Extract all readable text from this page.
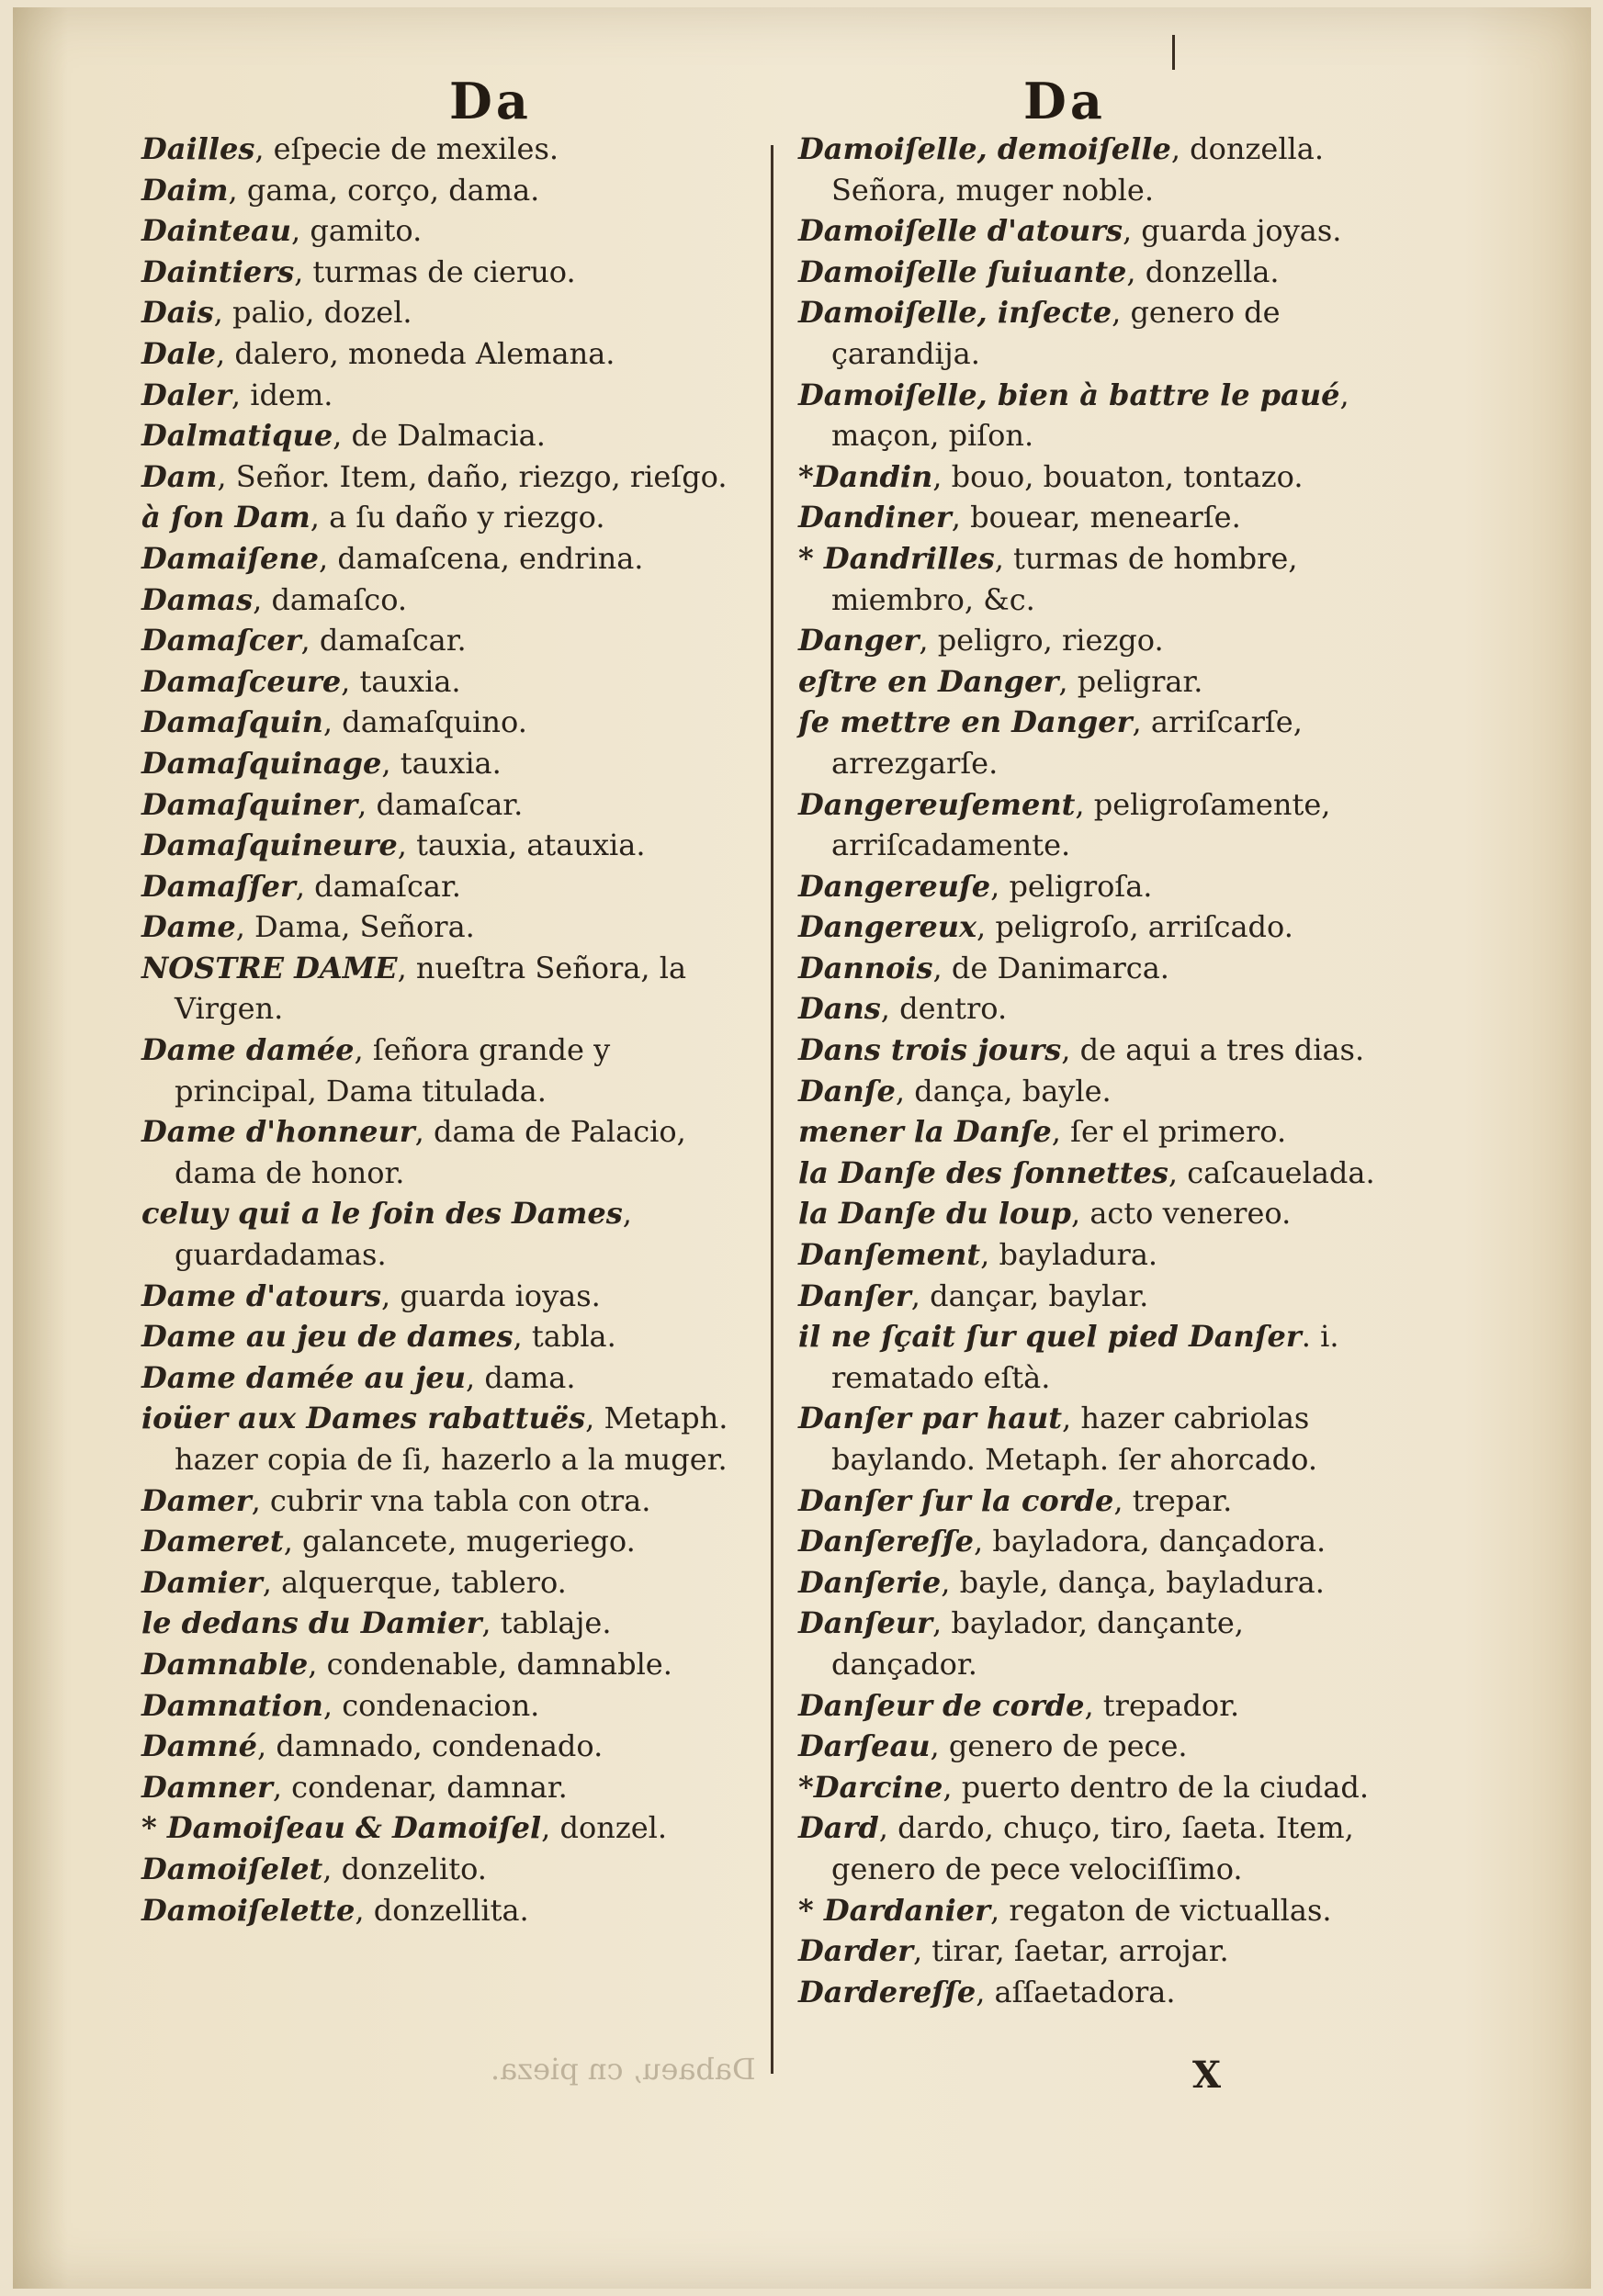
Da	Da

Dailles, eſpecie de mexiles.

Daim, gama, corço, dama.

Dainteau, gamito.

Daintiers, turmas de cieruo.

Dais, palio, dozel.

Dale, dalero, moneda Alemana.

Daler, idem.

Dalmatique, de Dalmacia.

Dam, Señor. Item, daño, riezgo, rieſgo.

à ſon Dam, a ſu daño y riezgo.

Damaiſene, damaſcena, endrina.

Damas, damaſco.

Damaſcer, damaſcar.

Damaſceure, tauxia.

Damaſquin, damaſquino.

Damaſquinage, tauxia.

Damaſquiner, damaſcar.

Damaſquineure, tauxia, atauxia.

Damaſſer, damaſcar.

Dame, Dama, Señora.

NOSTRE DAME, nueſtra Señora, la Virgen.

Dame damée, ſeñora grande y principal, Dama titulada.

Dame d'honneur, dama de Palacio, dama de honor.

celuy qui a le ſoin des Dames, guardadamas.

Dame d'atours, guarda ioyas.

Dame au jeu de dames, tabla.

Dame damée au jeu, dama.

ioüer aux Dames rabattuës, Metaph. hazer copia de ſi, hazerlo a la muger.

Damer, cubrir vna tabla con otra.

Dameret, galancete, mugeriego.

Damier, alquerque, tablero.

le dedans du Damier, tablaje.

Damnable, condenable, damnable.

Damnation, condenacion.

Damné, damnado, condenado.

Damner, condenar, damnar.

* Damoiſeau & Damoiſel, donzel.

Damoiſelet, donzelito.

Damoiſelette, donzellita.

Damoiſelle, demoiſelle, donzella. Señora, muger noble.

Damoiſelle d'atours, guarda joyas.

Damoiſelle ſuiuante, donzella.

Damoiſelle, inſecte, genero de çarandija.

Damoiſelle, bien à battre le paué, maçon, piſon.

*Dandin, bouo, bouaton, tontazo.

Dandiner, bouear, menearſe.

* Dandrilles, turmas de hombre, miembro, &c.

Danger, peligro, riezgo.

eſtre en Danger, peligrar.

ſe mettre en Danger, arriſcarſe, arrezgarſe.

Dangereuſement, peligroſamente, arriſcadamente.

Dangereuſe, peligroſa.

Dangereux, peligroſo, arriſcado.

Dannois, de Danimarca.

Dans, dentro.

Dans trois jours, de aqui a tres dias.

Danſe, dança, bayle.

mener la Danſe, ſer el primero.

la Danſe des ſonnettes, caſcauelada.

la Danſe du loup, acto venereo.

Danſement, bayladura.

Danſer, dançar, baylar.

il ne ſçait ſur quel pied Danſer. i. rematado eſtà.

Danſer par haut, hazer cabriolas baylando. Metaph. ſer ahorcado.

Danſer ſur la corde, trepar.

Danſereſſe, bayladora, dançadora.

Danſerie, bayle, dança, bayladura.

Danſeur, baylador, dançante, dançador.

Danſeur de corde, trepador.

Darſeau, genero de pece.

*Darcine, puerto dentro de la ciudad.

Dard, dardo, chuço, tiro, ſaeta. Item, genero de pece velociſſimo.

* Dardanier, regaton de victuallas.

Darder, tirar, ſaetar, arrojar.

Dardereſſe, aſſaetadora.

Dabaeu, cn pieza.	X
